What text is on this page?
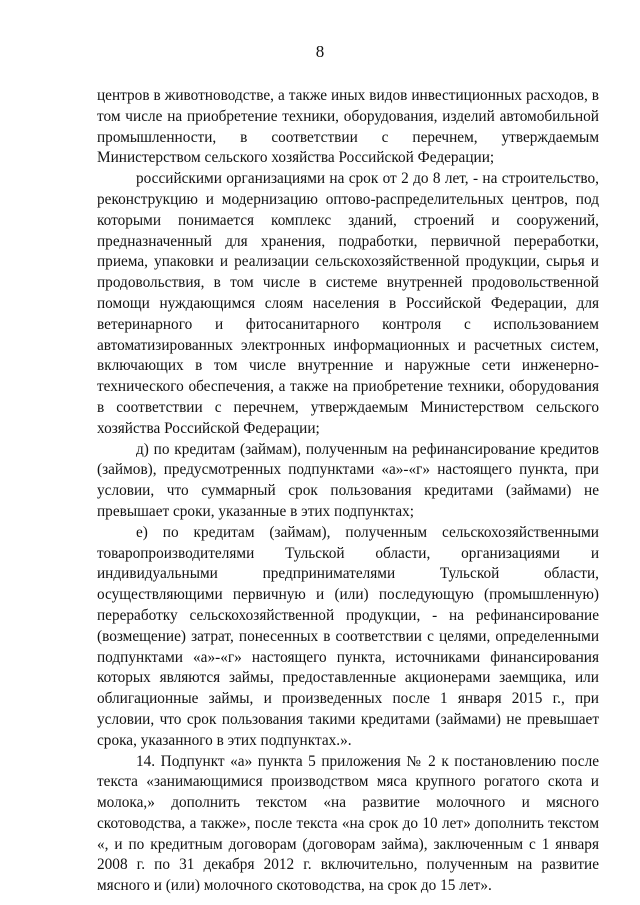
8

центров в животноводстве, а также иных видов инвестиционных расходов, в том числе на приобретение техники, оборудования, изделий автомобильной промышленности, в соответствии с перечнем, утверждаемым Министерством сельского хозяйства Российской Федерации;

российскими организациями на срок от 2 до 8 лет, - на строительство, реконструкцию и модернизацию оптово-распределительных центров, под которыми понимается комплекс зданий, строений и сооружений, предназначенный для хранения, подработки, первичной переработки, приема, упаковки и реализации сельскохозяйственной продукции, сырья и продовольствия, в том числе в системе внутренней продовольственной помощи нуждающимся слоям населения в Российской Федерации, для ветеринарного и фитосанитарного контроля с использованием автоматизированных электронных информационных и расчетных систем, включающих в том числе внутренние и наружные сети инженерно-технического обеспечения, а также на приобретение техники, оборудования в соответствии с перечнем, утверждаемым Министерством сельского хозяйства Российской Федерации;

д) по кредитам (займам), полученным на рефинансирование кредитов (займов), предусмотренных подпунктами «а»-«г» настоящего пункта, при условии, что суммарный срок пользования кредитами (займами) не превышает сроки, указанные в этих подпунктах;

е) по кредитам (займам), полученным сельскохозяйственными товаропроизводителями Тульской области, организациями и индивидуальными предпринимателями Тульской области, осуществляющими первичную и (или) последующую (промышленную) переработку сельскохозяйственной продукции, - на рефинансирование (возмещение) затрат, понесенных в соответствии с целями, определенными подпунктами «а»-«г» настоящего пункта, источниками финансирования которых являются займы, предоставленные акционерами заемщика, или облигационные займы, и произведенных после 1 января 2015 г., при условии, что срок пользования такими кредитами (займами) не превышает срока, указанного в этих подпунктах.».

14. Подпункт «а» пункта 5 приложения № 2 к постановлению после текста «занимающимися производством мяса крупного рогатого скота и молока,» дополнить текстом «на развитие молочного и мясного скотоводства, а также», после текста «на срок до 10 лет» дополнить текстом «, и по кредитным договорам (договорам займа), заключенным с 1 января 2008 г. по 31 декабря 2012 г. включительно, полученным на развитие мясного и (или) молочного скотоводства, на срок до 15 лет».
